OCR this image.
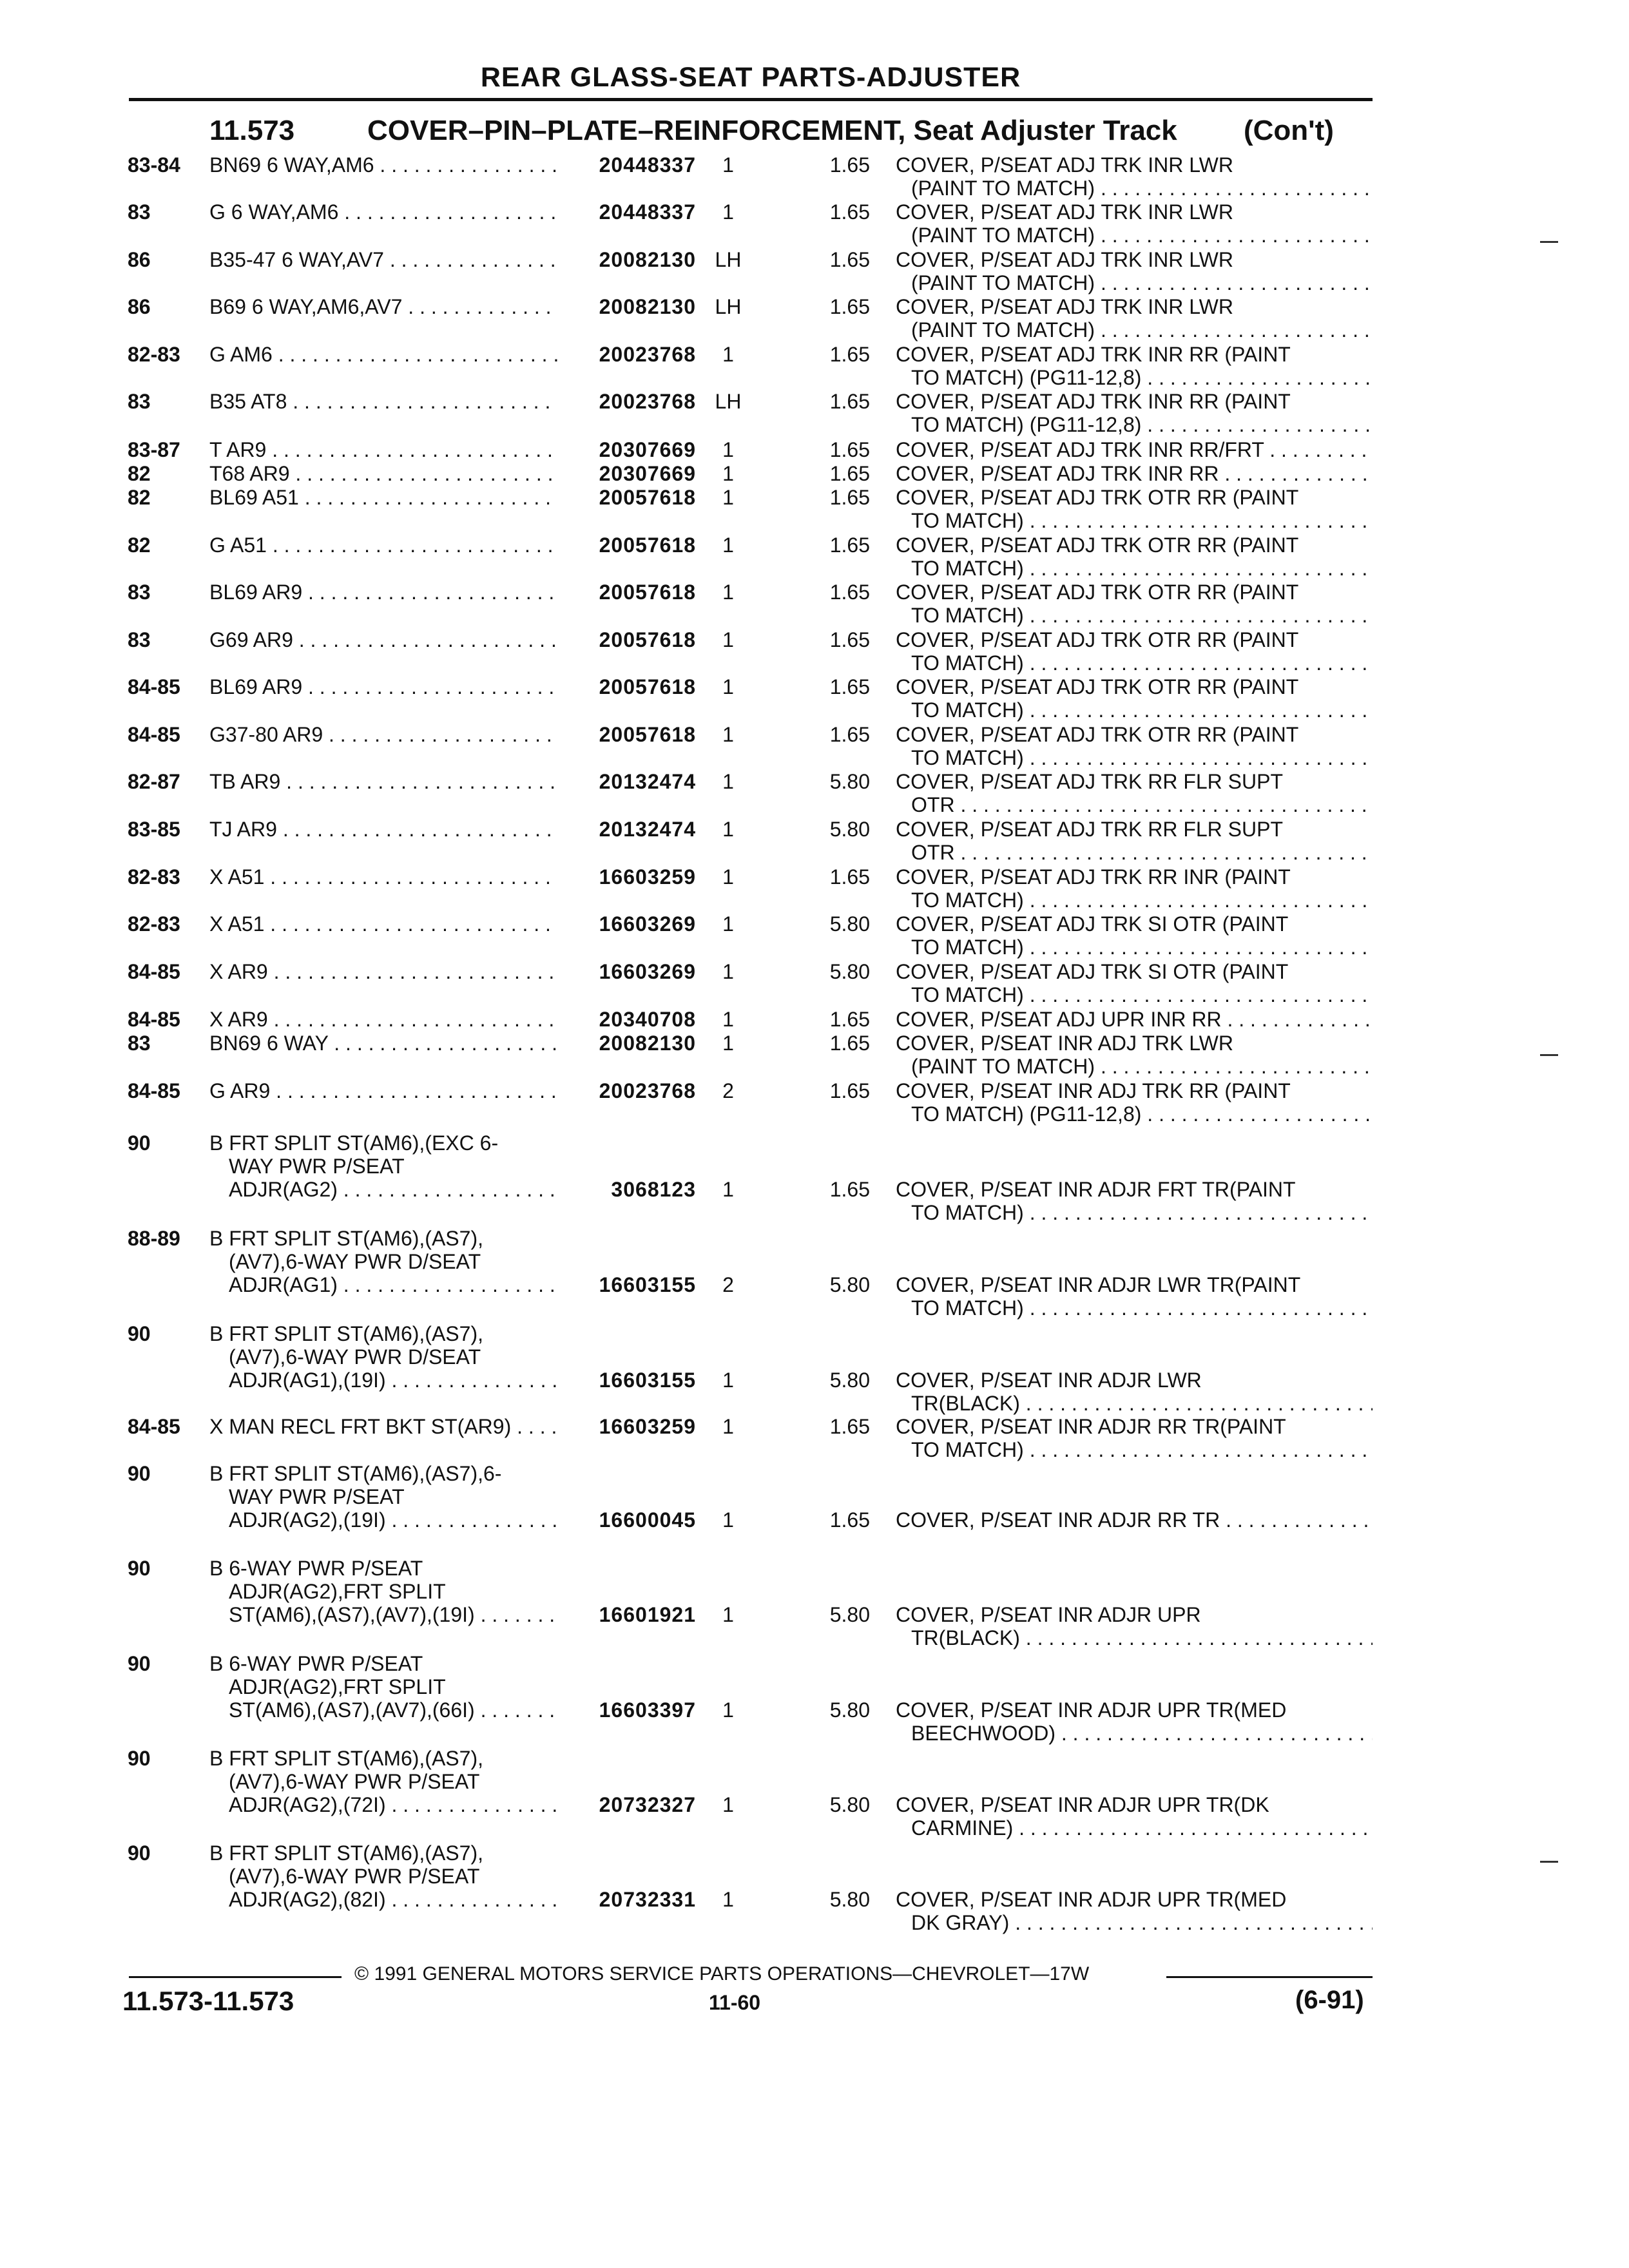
REAR GLASS-SEAT PARTS-ADJUSTER
11.573	COVER–PIN–PLATE–REINFORCEMENT, Seat Adjuster Track (Con't)
83-84 BN69 6 WAY,AM6 . . .	20448337	1	1.65 COVER, P/SEAT ADJ TRK INR LWR
(PAINT TO MATCH) . . .
83	G 6 WAY,AM6 . . .	20448337	1	1.65 COVER, P/SEAT ADJ TRK INR LWR
(PAINT TO MATCH) . . .
86	B35-47 6 WAY,AV7 . . .	20082130 LH	1.65 COVER, P/SEAT ADJ TRK INR LWR
(PAINT TO MATCH) . . .
86	B69 6 WAY,AM6,AV7 . . .	20082130 LH	1.65 COVER, P/SEAT ADJ TRK INR LWR
(PAINT TO MATCH) . . .
82-83 G AM6 . . .	20023768	1	1.65 COVER, P/SEAT ADJ TRK INR RR (PAINT
TO MATCH) (PG11-12,8) . . .
83	B35 AT8 . . .	20023768 LH	1.65 COVER, P/SEAT ADJ TRK INR RR (PAINT
TO MATCH) (PG11-12,8) . . .
83-87 T AR9 . . .	20307669	1	1.65 COVER, P/SEAT ADJ TRK INR RR/FRT . . .
82	T68 AR9 . . .	20307669	1	1.65 COVER, P/SEAT ADJ TRK INR RR . . .
82	BL69 A51 . . .	20057618	1	1.65 COVER, P/SEAT ADJ TRK OTR RR (PAINT
TO MATCH) . . .
82	G A51 . . .	20057618	1	1.65 COVER, P/SEAT ADJ TRK OTR RR (PAINT
TO MATCH) . . .
83	BL69 AR9 . . .	20057618	1	1.65 COVER, P/SEAT ADJ TRK OTR RR (PAINT
TO MATCH) . . .
83	G69 AR9 . . .	20057618	1	1.65 COVER, P/SEAT ADJ TRK OTR RR (PAINT
TO MATCH) . . .
84-85 BL69 AR9 . . .	20057618	1	1.65 COVER, P/SEAT ADJ TRK OTR RR (PAINT
TO MATCH) . . .
84-85 G37-80 AR9 . . .	20057618	1	1.65 COVER, P/SEAT ADJ TRK OTR RR (PAINT
TO MATCH) . . .
82-87 TB AR9 . . .	20132474	1	5.80 COVER, P/SEAT ADJ TRK RR FLR SUPT
OTR . . .
83-85 TJ AR9 . . .	20132474	1	5.80 COVER, P/SEAT ADJ TRK RR FLR SUPT
OTR . . .
82-83 X A51 . . .	16603259	1	1.65 COVER, P/SEAT ADJ TRK RR INR (PAINT
TO MATCH) . . .
82-83 X A51 . . .	16603269	1	5.80 COVER, P/SEAT ADJ TRK SI OTR (PAINT
TO MATCH) . . .
84-85 X AR9 . . .	16603269	1	5.80 COVER, P/SEAT ADJ TRK SI OTR (PAINT
TO MATCH) . . .
84-85 X AR9 . . .	20340708	1	1.65 COVER, P/SEAT ADJ UPR INR RR . . .
83	BN69 6 WAY . . .	20082130	1	1.65 COVER, P/SEAT INR ADJ TRK LWR
(PAINT TO MATCH) . . .
84-85 G AR9 . . .	20023768	2	1.65 COVER, P/SEAT INR ADJ TRK RR (PAINT
TO MATCH) (PG11-12,8) . . .
90	B FRT SPLIT ST(AM6),(EXC 6-
WAY PWR P/SEAT
ADJR(AG2) . . .	3068123	1	1.65 COVER, P/SEAT INR ADJR FRT TR(PAINT
TO MATCH) . . .
88-89 B FRT SPLIT ST(AM6),(AS7),
(AV7),6-WAY PWR D/SEAT
ADJR(AG1) . . .	16603155	2	5.80 COVER, P/SEAT INR ADJR LWR TR(PAINT
TO MATCH) . . .
90	B FRT SPLIT ST(AM6),(AS7),
(AV7),6-WAY PWR D/SEAT
ADJR(AG1),(19I) . . .	16603155	1	5.80 COVER, P/SEAT INR ADJR LWR
TR(BLACK) . . .
84-85 X MAN RECL FRT BKT ST(AR9) . . .	16603259	1	1.65 COVER, P/SEAT INR ADJR RR TR(PAINT
TO MATCH) . . .
90	B FRT SPLIT ST(AM6),(AS7),6-
WAY PWR P/SEAT
ADJR(AG2),(19I) . . .	16600045	1	1.65 COVER, P/SEAT INR ADJR RR TR . . .
90	B 6-WAY PWR P/SEAT
ADJR(AG2),FRT SPLIT
ST(AM6),(AS7),(AV7),(19I) . . .	16601921	1	5.80 COVER, P/SEAT INR ADJR UPR
TR(BLACK) . . .
90	B 6-WAY PWR P/SEAT
ADJR(AG2),FRT SPLIT
ST(AM6),(AS7),(AV7),(66I) . . .	16603397	1	5.80 COVER, P/SEAT INR ADJR UPR TR(MED
BEECHWOOD) . . .
90	B FRT SPLIT ST(AM6),(AS7),
(AV7),6-WAY PWR P/SEAT
ADJR(AG2),(72I) . . .	20732327	1	5.80 COVER, P/SEAT INR ADJR UPR TR(DK
CARMINE) . . .
90	B FRT SPLIT ST(AM6),(AS7),
(AV7),6-WAY PWR P/SEAT
ADJR(AG2),(82I) . . .	20732331	1	5.80 COVER, P/SEAT INR ADJR UPR TR(MED
DK GRAY) . . .
© 1991 GENERAL MOTORS SERVICE PARTS OPERATIONS—CHEVROLET—17W
11.573-11.573	11-60	(6-91)
